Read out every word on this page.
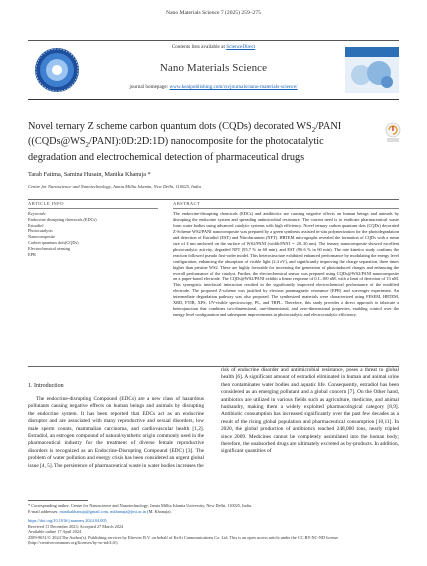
Nano Materials Science 7 (2025) 259–275
Contents lists available at ScienceDirect
Nano Materials Science
journal homepage: www.keaipublishing.com/cn/journals/nano-materials-science/
Novel ternary Z scheme carbon quantum dots (CQDs) decorated $WS_2$/PANI $((CQDs@WS_2/PANI):0D:2D:1D)$ nanocomposite for the photocatalytic degradation and electrochemical detection of pharmaceutical drugs
Tarab Fatima, Samina Husain, Manika Khanuja *
Centre for Nanoscience and Nanotechnology, Jamia Millia Islamia, New Delhi, 110025, India
ARTICLE INFO	ABSTRACT
Keywords:
Endocrine disrupting chemicals (EDCs)
Estradiol
Photocatalysis
Nanocomposite
Carbon quantum dots(CQDs)
Electrochemical sensing
EPR
The endocrine-disrupting chemicals (EDCs) and antibiotics are causing negative effects on human beings and animals by disrupting the endocrine system and spreading antimicrobial resistance. The current need is to eradicate pharmaceutical waste from water bodies using advanced catalytic systems with high efficiency. Novel ternary carbon quantum dots (CQDs) decorated Z-Scheme WS2/PANI nanocomposite was prepared by a green synthesis assisted in-situ polymerization for the photodegradation and detection of Estradiol (EST) and Nitrofurantoin (NFT). HRTEM micrographs revealed the formation of CQDs with a mean size of 4 nm anchored on the surface of WS2/PANI (width:PANI ∼ 20–30 nm). The ternary nanocomposite showed excellent photocatalytic activity, degraded NFT (95.7 % in 60 min), and EST (96.6 % in 60 min). The rate kinetics study confirms the reaction followed pseudo first-order model. This heterostructure exhibited enhanced performance by modulating the energy level configuration, enhancing the absorption of visible light (2.4 eV), and significantly improving the charge separation, three times higher than pristine WS2. These are highly favorable for increasing the generation of photoinduced charges and enhancing the overall performance of the catalyst. Further, the electrochemical sensor was prepared using CQDs@WS2/PANI nanocomposite on a paper-based electrode. The CQDs@WS2/PANI exhibit a linear response of 0.1–100 nM, with a limit of detection of 13 nM. This synergistic interfacial interaction resulted in the significantly improved electrochemical performance of the modified electrode. The proposed Z-scheme was justified by electron paramagnetic resonance (EPR) and scavenger experiment. An intermediate degradation pathway was also proposed. The synthesized materials were characterized using FESEM, HRTEM, XRD, FTIR, XPS, UV-visible spectroscopy, PL, and TRPL. Therefore, this study provides a direct approach to fabricate a heterojunction that combines two-dimensional, one-dimensional, and zero-dimensional properties, enabling control over the energy level configuration and subsequent improvements in photocatalytic and electrocatalytic efficiency.
1. Introduction
The endocrine-disrupting Compound (EDCs) are a new class of hazardous pollutants causing negative effects on human beings and animals by disrupting the endocrine system. It has been reported that EDCs act as an endocrine disruptor and are associated with many reproductive and sexual disorders, low male sperm counts, mammalian carcinoma, and cardiovascular health [1,2]. Estradiol, an estrogen compound of natural/synthetic origin commonly used in the pharmaceutical industry for the treatment of diverse female reproductive disorders is recognized as an Endocrine-Disrupting Compound (EDC) [3]. The problem of water pollution and energy crisis has been considered an urgent global issue [4, 5]. The persistence of pharmaceutical waste in water bodies increases the
risk of endocrine disorder and antimicrobial resistance, poses a threat to global health [6]. A significant amount of estradiol eliminated in human and animal urine then contaminates water bodies and aquatic life. Consequently, estradiol has been considered as an emerging pollutant and a global concern [7]. On the Other hand, antibiotics are utilized in various fields such as agriculture, medicine, and animal husbandry, making them a widely exploited pharmacological category [8,9]. Antibiotic consumption has increased significantly over the past few decades as a result of the rising global population and pharmaceutical consumption [10,11]. In 2020, the global production of antibiotics reached 248,000 tons, nearly tripled since 2009. Medicines cannot be completely assimilated into the human body; therefore, the unabsorbed drugs are ultimately excreted as by-products. In addition, significant quantities of
* Corresponding author. Centre for Nanoscience and Nanotechnology, Jamia Millia Islamia University, New Delhi, 110025, India.
E-mail addresses: manikakhanuja@gmail.com, mkhanuja@jmi.ac.in (M. Khanuja).
https://doi.org/10.1016/j.nanoms.2024.04.005
Received 11 December 2023; Accepted 27 March 2024
Available online 17 April 2024
2589-9651/© 2024 The Author(s). Publishing services by Elsevier B.V. on behalf of KeAi Communications Co. Ltd. This is an open access article under the CC BY-NC-ND license (http://creativecommons.org/licenses/by-nc-nd/4.0/).
